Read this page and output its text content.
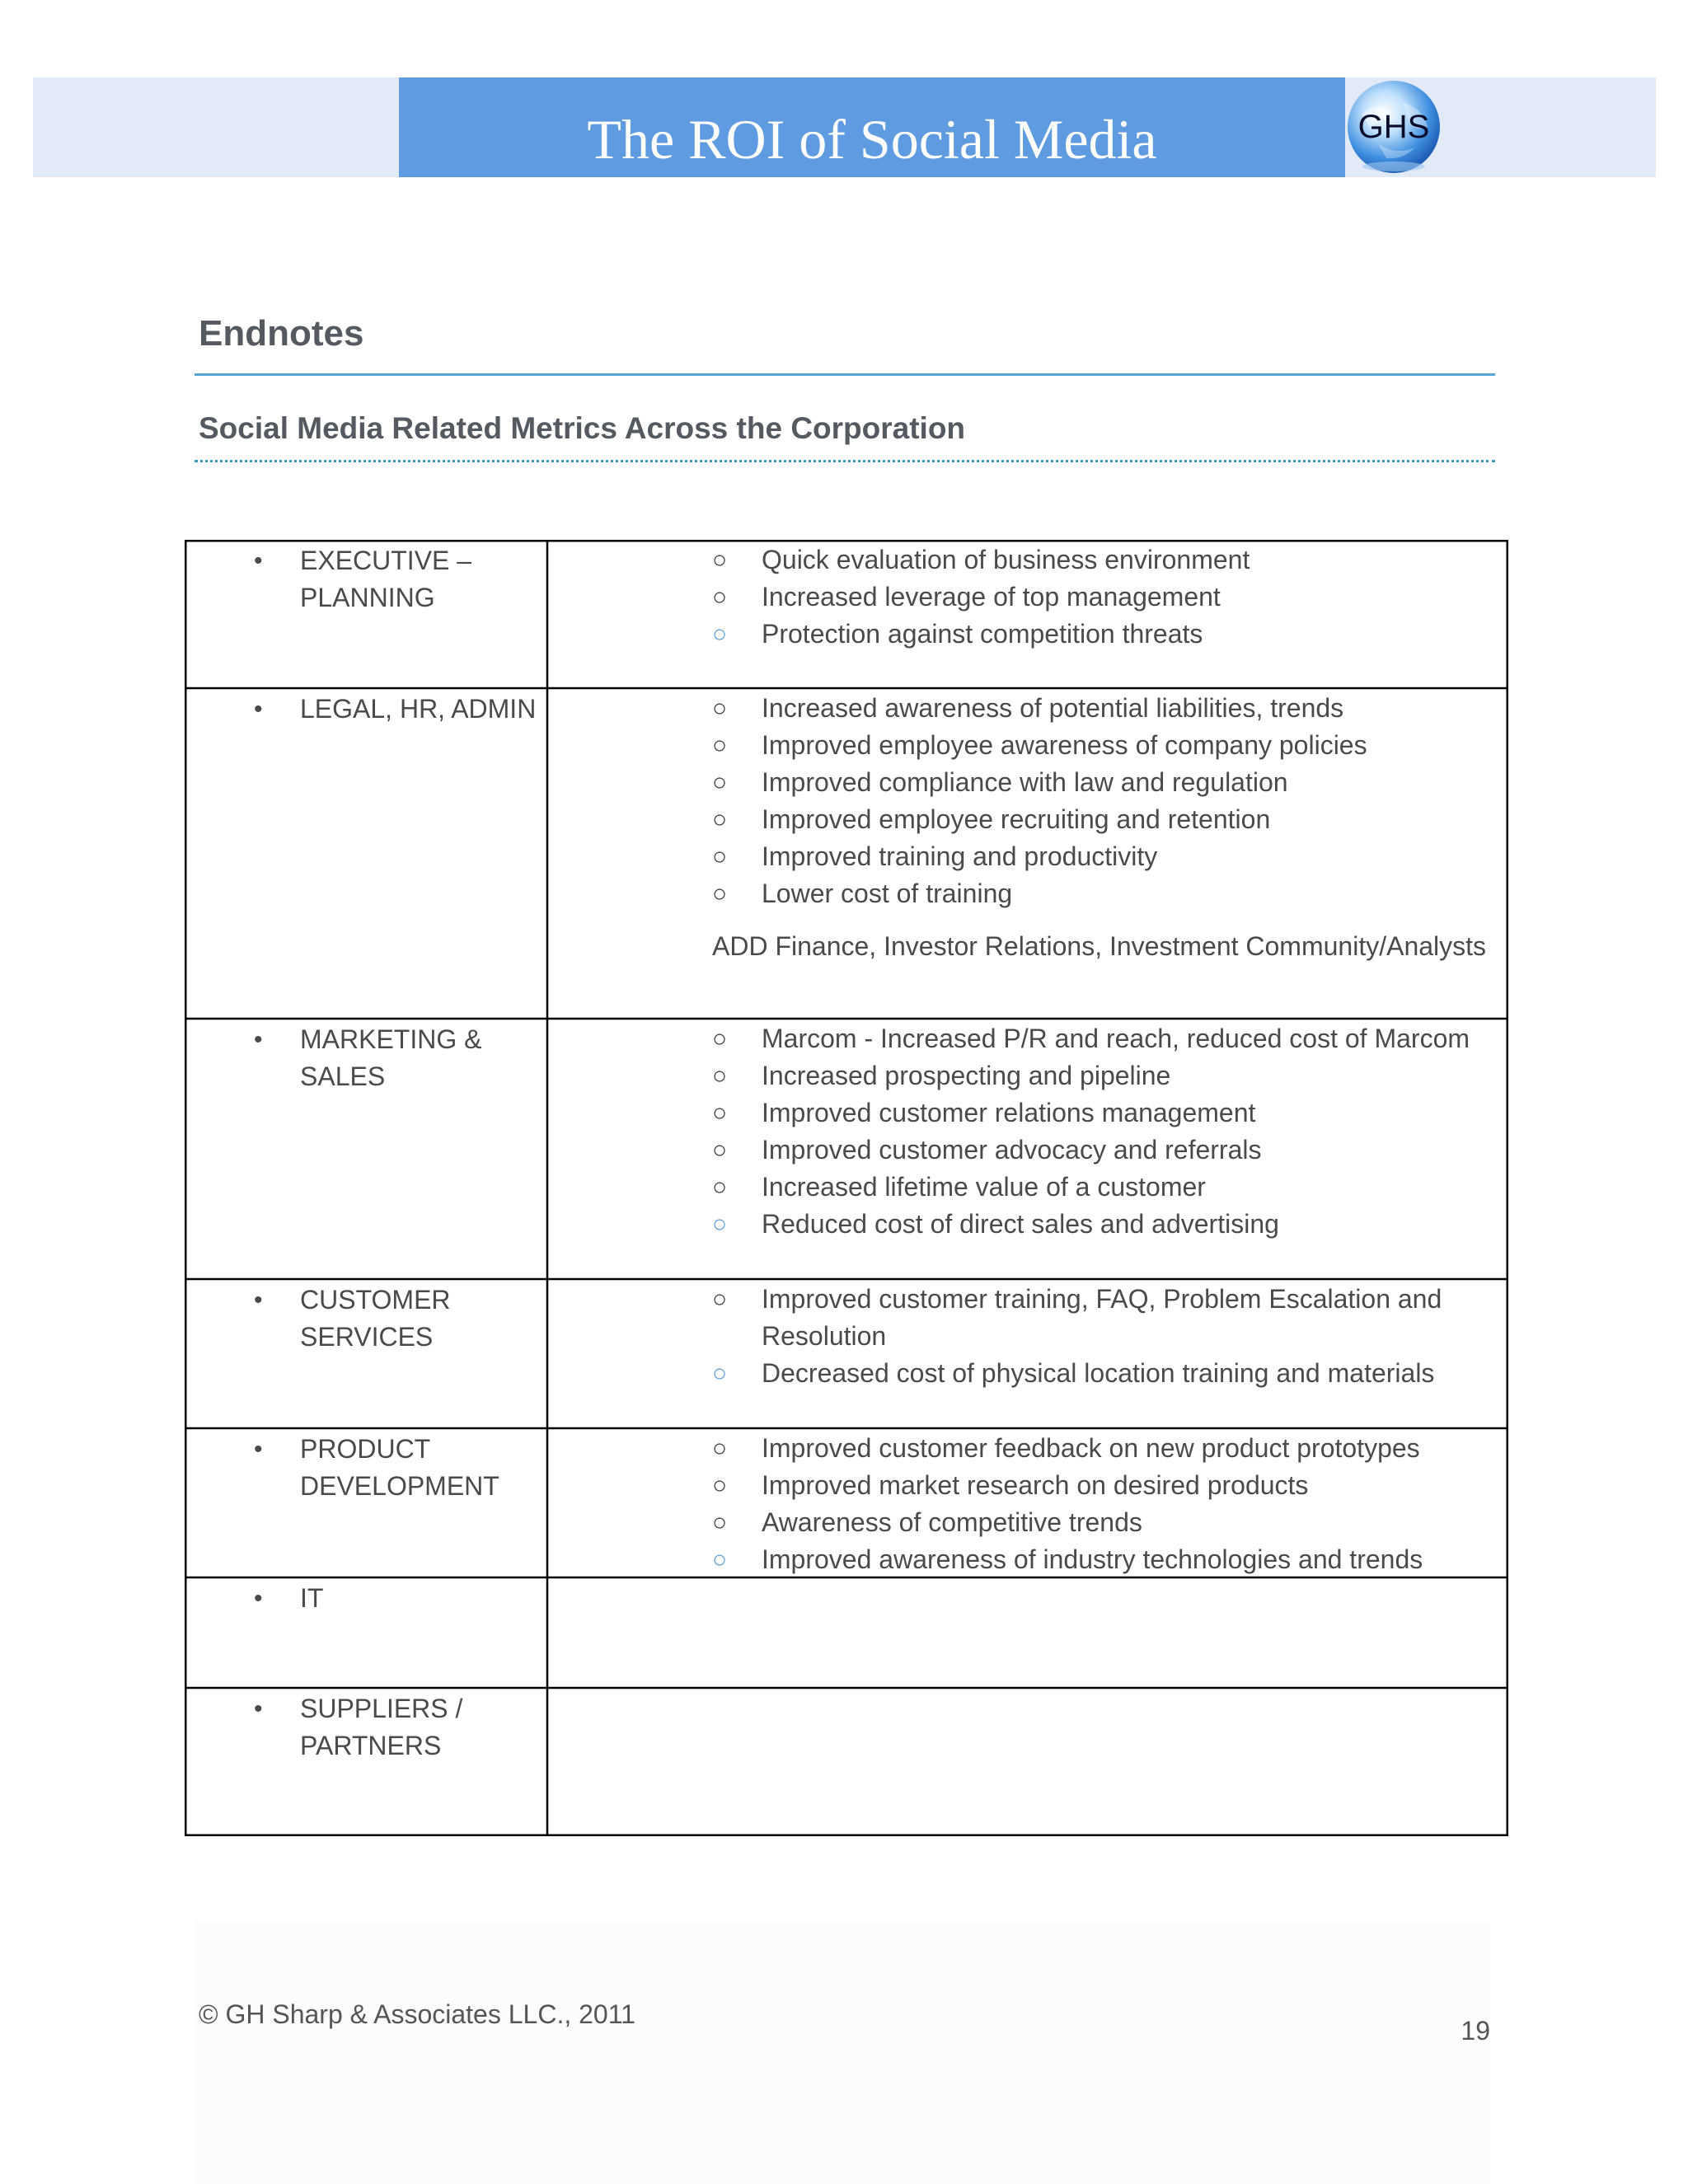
The ROI of Social Media	GHS
Endnotes
Social Media Related Metrics Across the Corporation
• EXECUTIVE – PLANNING
○ Quick evaluation of business environment
○ Increased leverage of top management
○ Protection against competition threats
• LEGAL, HR, ADMIN	○ Increased awareness of potential liabilities, trends
○ Improved employee awareness of company policies
○ Improved compliance with law and regulation
○ Improved employee recruiting and retention
○ Improved training and productivity
○ Lower cost of training
ADD Finance, Investor Relations, Investment Community/Analysts
• MARKETING & SALES
○ Marcom - Increased P/R and reach, reduced cost of Marcom
○ Increased prospecting and pipeline
○ Improved customer relations management
○ Improved customer advocacy and referrals
○ Increased lifetime value of a customer
○ Reduced cost of direct sales and advertising
• CUSTOMER SERVICES
○ Improved customer training, FAQ, Problem Escalation and Resolution
○ Decreased cost of physical location training and materials
• PRODUCT DEVELOPMENT
○ Improved customer feedback on new product prototypes
○ Improved market research on desired products
○ Awareness of competitive trends
○ Improved awareness of industry technologies and trends
• IT
• SUPPLIERS / PARTNERS
© GH Sharp & Associates LLC., 2011
19
